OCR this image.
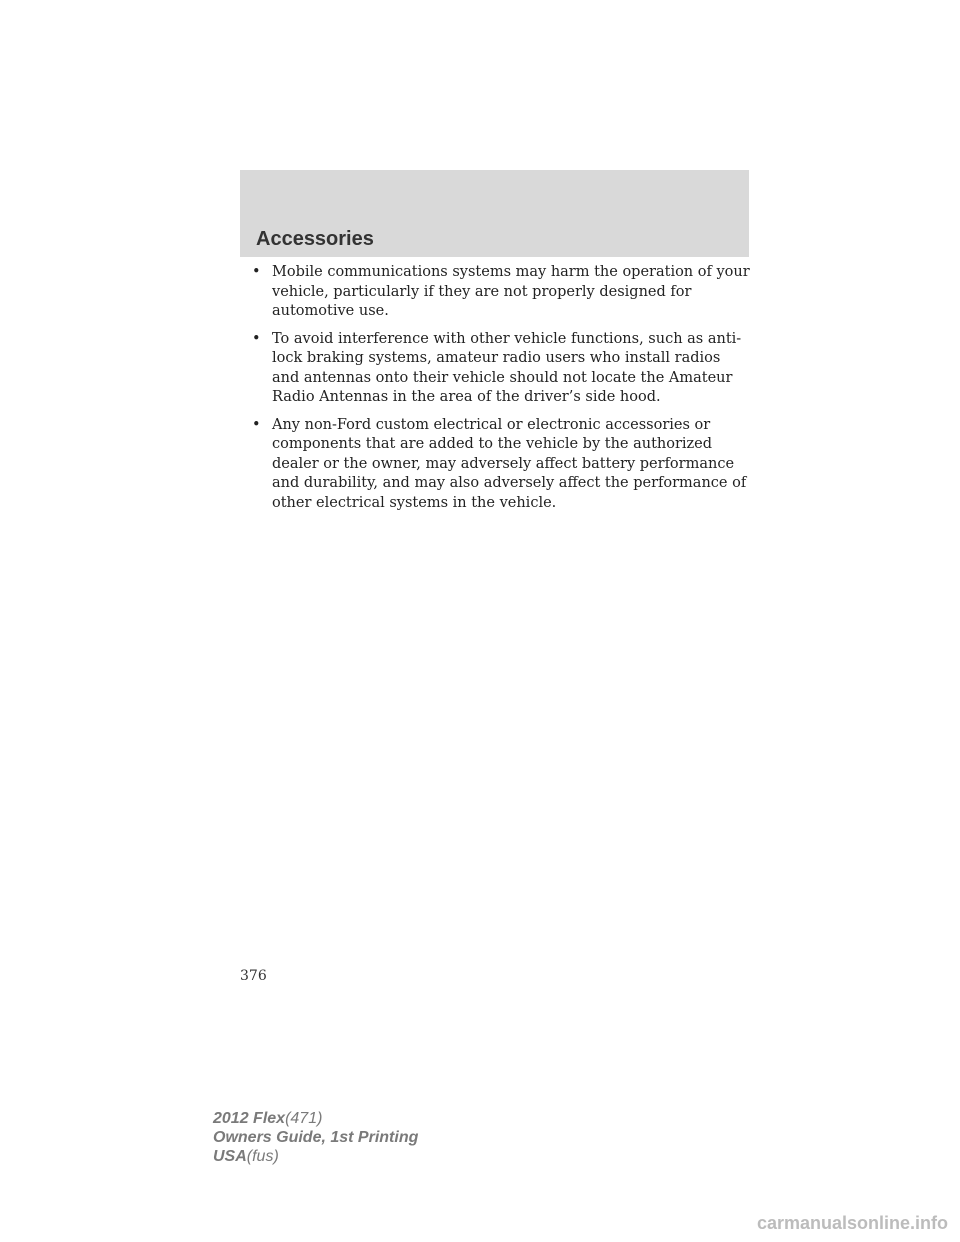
Accessories
• Mobile communications systems may harm the operation of your vehicle, particularly if they are not properly designed for automotive use.
• To avoid interference with other vehicle functions, such as anti-lock braking systems, amateur radio users who install radios and antennas onto their vehicle should not locate the Amateur Radio Antennas in the area of the driver’s side hood.
• Any non-Ford custom electrical or electronic accessories or components that are added to the vehicle by the authorized dealer or the owner, may adversely affect battery performance and durability, and may also adversely affect the performance of other electrical systems in the vehicle.
376
2012 Flex(471)
Owners Guide, 1st Printing
USA(fus)
carmanualsonline.info
